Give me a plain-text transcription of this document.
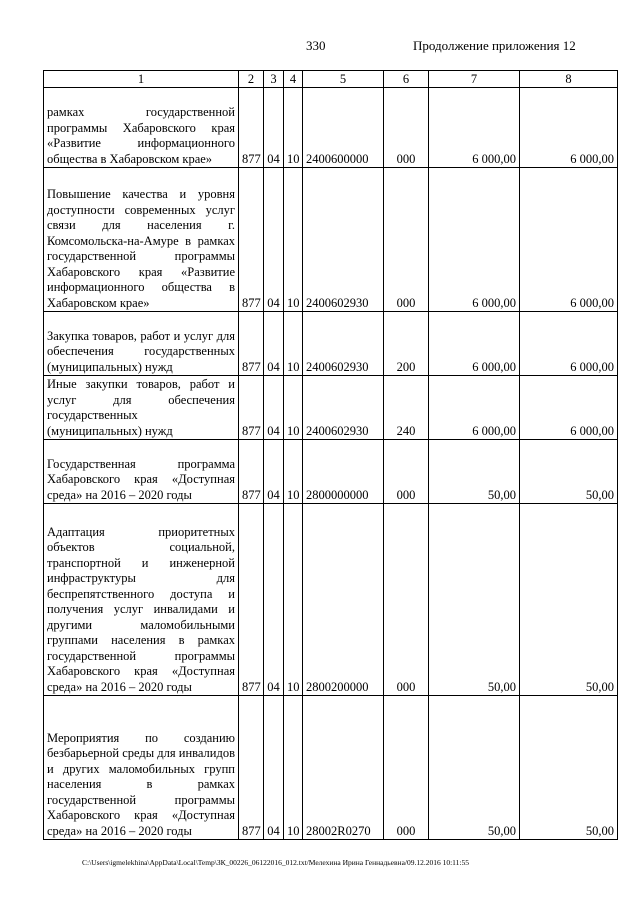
330	Продолжение приложения 12
1	2	3	4	5	6	7	8
рамках государственной программы Хабаровского края «Развитие информационного общества в Хабаровском крае»	877	04	10	2400600000	000	6 000,00	6 000,00
Повышение качества и уровня доступности современных услуг связи для населения г. Комсомольска-на-Амуре в рамках государственной программы Хабаровского края «Развитие информационного общества в Хабаровском крае»	877	04	10	2400602930	000	6 000,00	6 000,00
Закупка товаров, работ и услуг для обеспечения государственных (муниципальных) нужд	877	04	10	2400602930	200	6 000,00	6 000,00
Иные закупки товаров, работ и услуг для обеспечения государственных (муниципальных) нужд	877	04	10	2400602930	240	6 000,00	6 000,00
Государственная программа Хабаровского края «Доступная среда» на 2016 – 2020 годы	877	04	10	2800000000	000	50,00	50,00
Адаптация приоритетных объектов социальной, транспортной и инженерной инфраструктуры для беспрепятственного доступа и получения услуг инвалидами и другими маломобильными группами населения в рамках государственной программы Хабаровского края «Доступная среда» на 2016 – 2020 годы	877	04	10	2800200000	000	50,00	50,00
Мероприятия по созданию безбарьерной среды для инвалидов и других маломобильных групп населения в рамках государственной программы Хабаровского края «Доступная среда» на 2016 – 2020 годы	877	04	10	28002R0270	000	50,00	50,00
C:\Users\igmelekhina\AppData\Local\Temp\ЗК_00226_06122016_012.txt/Мелехина Ирина Геннадьевна/09.12.2016 10:11:55
